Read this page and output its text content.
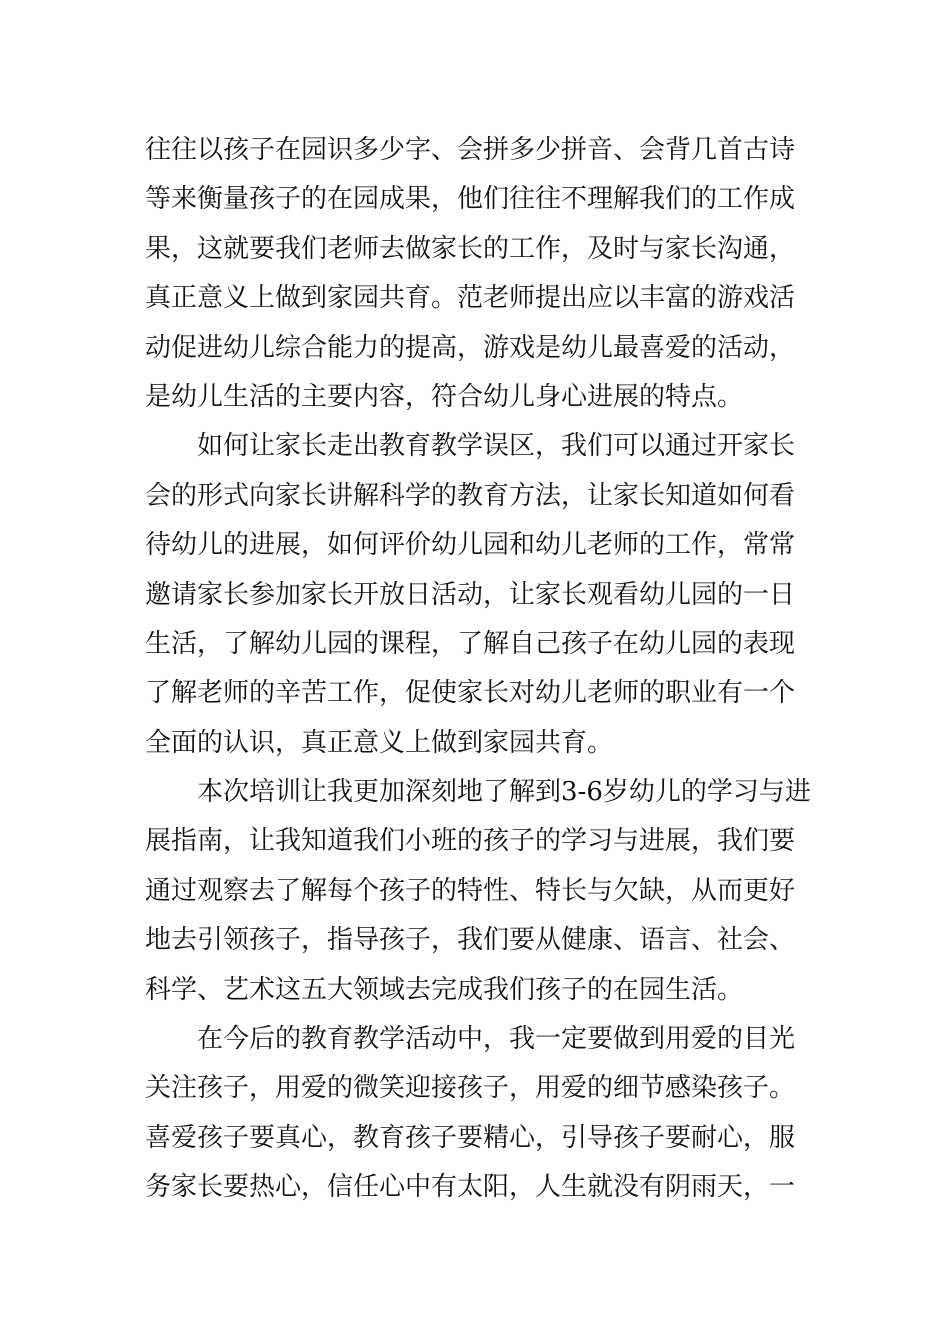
往往以孩子在园识多少字、会拼多少拼音、会背几首古诗
等来衡量孩子的在园成果，他们往往不理解我们的工作成
果，这就要我们老师去做家长的工作，及时与家长沟通，
真正意义上做到家园共育。范老师提出应以丰富的游戏活
动促进幼儿综合能力的提高，游戏是幼儿最喜爱的活动，
是幼儿生活的主要内容，符合幼儿身心进展的特点。
如何让家长走出教育教学误区，我们可以通过开家长
会的形式向家长讲解科学的教育方法，让家长知道如何看
待幼儿的进展，如何评价幼儿园和幼儿老师的工作，常常
邀请家长参加家长开放日活动，让家长观看幼儿园的一日
生活，了解幼儿园的课程，了解自己孩子在幼儿园的表现
了解老师的辛苦工作，促使家长对幼儿老师的职业有一个
全面的认识，真正意义上做到家园共育。
本次培训让我更加深刻地了解到3-6岁幼儿的学习与进
展指南，让我知道我们小班的孩子的学习与进展，我们要
通过观察去了解每个孩子的特性、特长与欠缺，从而更好
地去引领孩子，指导孩子，我们要从健康、语言、社会、
科学、艺术这五大领域去完成我们孩子的在园生活。
在今后的教育教学活动中，我一定要做到用爱的目光
关注孩子，用爱的微笑迎接孩子，用爱的细节感染孩子。
喜爱孩子要真心，教育孩子要精心，引导孩子要耐心，服
务家长要热心，信任心中有太阳，人生就没有阴雨天，一
